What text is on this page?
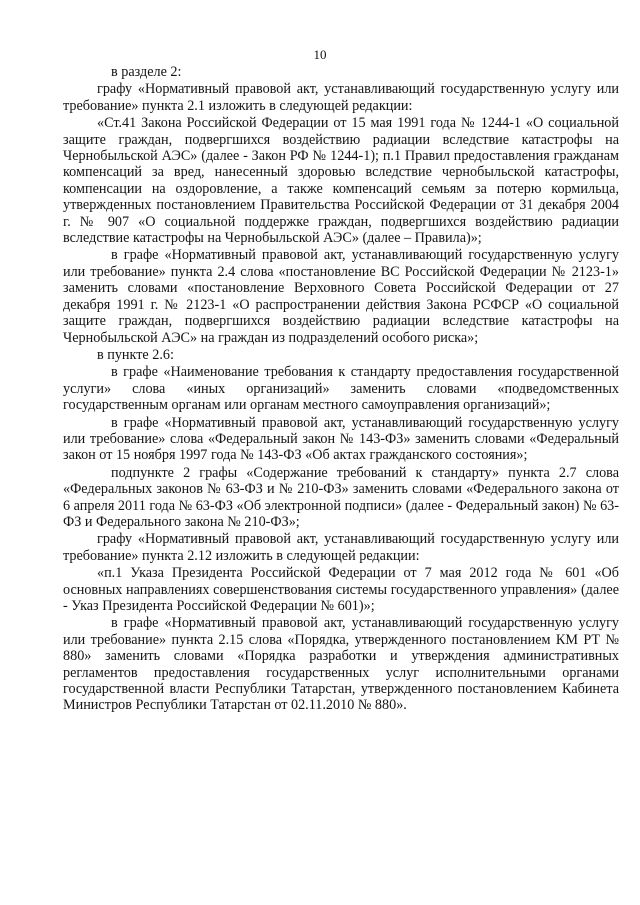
10

в разделе 2:

графу «Нормативный правовой акт, устанавливающий государственную услугу или требование» пункта 2.1 изложить в следующей редакции:

«Ст.41 Закона Российской Федерации от 15 мая 1991 года № 1244-1 «О социальной защите граждан, подвергшихся воздействию радиации вследствие катастрофы на Чернобыльской АЭС» (далее - Закон РФ № 1244-1); п.1 Правил предоставления гражданам компенсаций за вред, нанесенный здоровью вследствие чернобыльской катастрофы, компенсации на оздоровление, а также компенсаций семьям за потерю кормильца, утвержденных постановлением Правительства Российской Федерации от 31 декабря 2004 г. № 907 «О социальной поддержке граждан, подвергшихся воздействию радиации вследствие катастрофы на Чернобыльской АЭС» (далее – Правила)»;

в графе «Нормативный правовой акт, устанавливающий государственную услугу или требование» пункта 2.4 слова «постановление ВС Российской Федерации № 2123-1» заменить словами «постановление Верховного Совета Российской Федерации от 27 декабря 1991 г. № 2123-1 «О распространении действия Закона РСФСР «О социальной защите граждан, подвергшихся воздействию радиации вследствие катастрофы на Чернобыльской АЭС» на граждан из подразделений особого риска»;

в пункте 2.6:

в графе «Наименование требования к стандарту предоставления государственной услуги» слова «иных организаций» заменить словами «подведомственных государственным органам или органам местного самоуправления организаций»;

в графе «Нормативный правовой акт, устанавливающий государственную услугу или требование» слова «Федеральный закон № 143-ФЗ» заменить словами «Федеральный закон от 15 ноября 1997 года № 143-ФЗ «Об актах гражданского состояния»;

подпункте 2 графы «Содержание требований к стандарту» пункта 2.7 слова «Федеральных законов № 63-ФЗ и № 210-ФЗ» заменить словами «Федерального закона от 6 апреля 2011 года № 63-ФЗ «Об электронной подписи» (далее - Федеральный закон) № 63-ФЗ и Федерального закона № 210-ФЗ»;

графу «Нормативный правовой акт, устанавливающий государственную услугу или требование» пункта 2.12 изложить в следующей редакции:

«п.1 Указа Президента Российской Федерации от 7 мая 2012 года № 601 «Об основных направлениях совершенствования системы государственного управления» (далее - Указ Президента Российской Федерации № 601)»;

в графе «Нормативный правовой акт, устанавливающий государственную услугу или требование» пункта 2.15 слова «Порядка, утвержденного постановлением КМ РТ № 880» заменить словами «Порядка разработки и утверждения административных регламентов предоставления государственных услуг исполнительными органами государственной власти Республики Татарстан, утвержденного постановлением Кабинета Министров Республики Татарстан от 02.11.2010 № 880».
